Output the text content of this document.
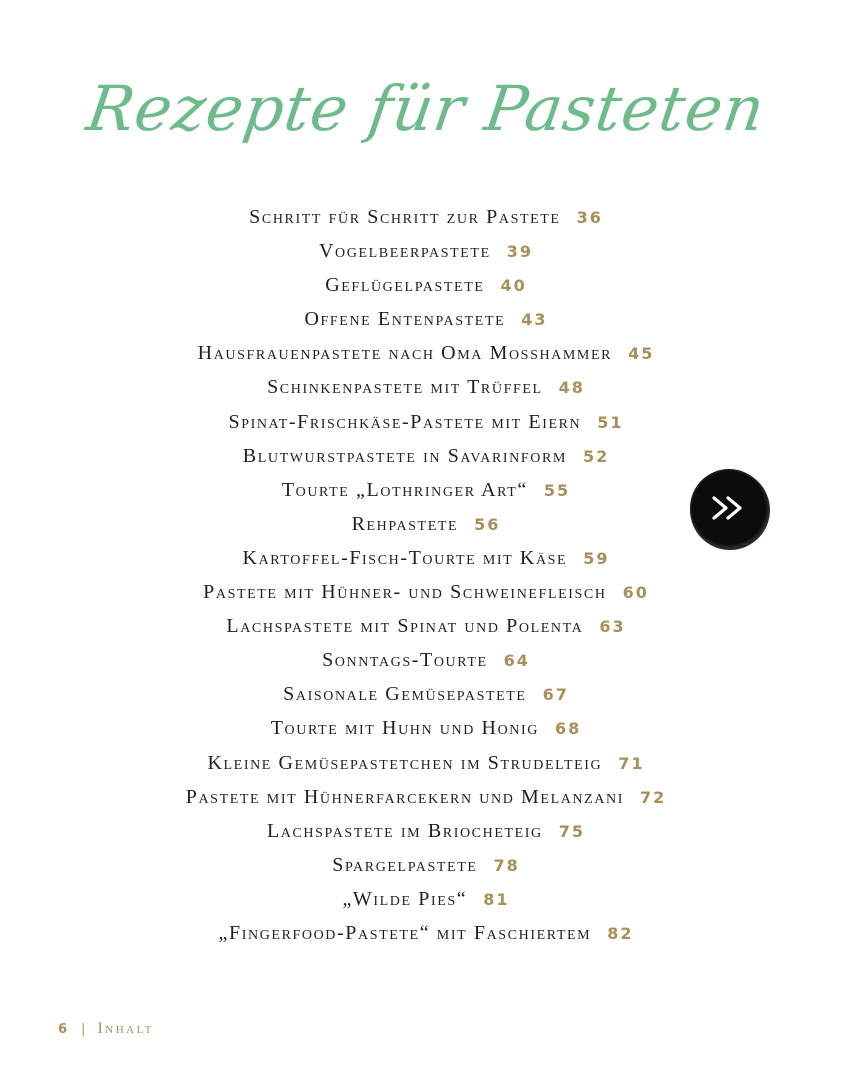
Rezepte für Pasteten
Schritt für Schritt zur Pastete 36
Vogelbeerpastete 39
Geflügelpastete 40
Offene Entenpastete 43
Hausfrauenpastete nach Oma Mosshammer 45
Schinkenpastete mit Trüffel 48
Spinat-Frischkäse-Pastete mit Eiern 51
Blutwurstpastete in Savarinform 52
Tourte „Lothringer Art“ 55
Rehpastete 56
Kartoffel-Fisch-Tourte mit Käse 59
Pastete mit Hühner- und Schweinefleisch 60
Lachspastete mit Spinat und Polenta 63
Sonntags-Tourte 64
Saisonale Gemüsepastete 67
Tourte mit Huhn und Honig 68
Kleine Gemüsepastetchen im Strudelteig 71
Pastete mit Hühnerfarcekern und Melanzani 72
Lachspastete im Briocheteig 75
Spargelpastete 78
„Wilde Pies“ 81
„Fingerfood-Pastete“ mit Faschiertem 82
6 | Inhalt
